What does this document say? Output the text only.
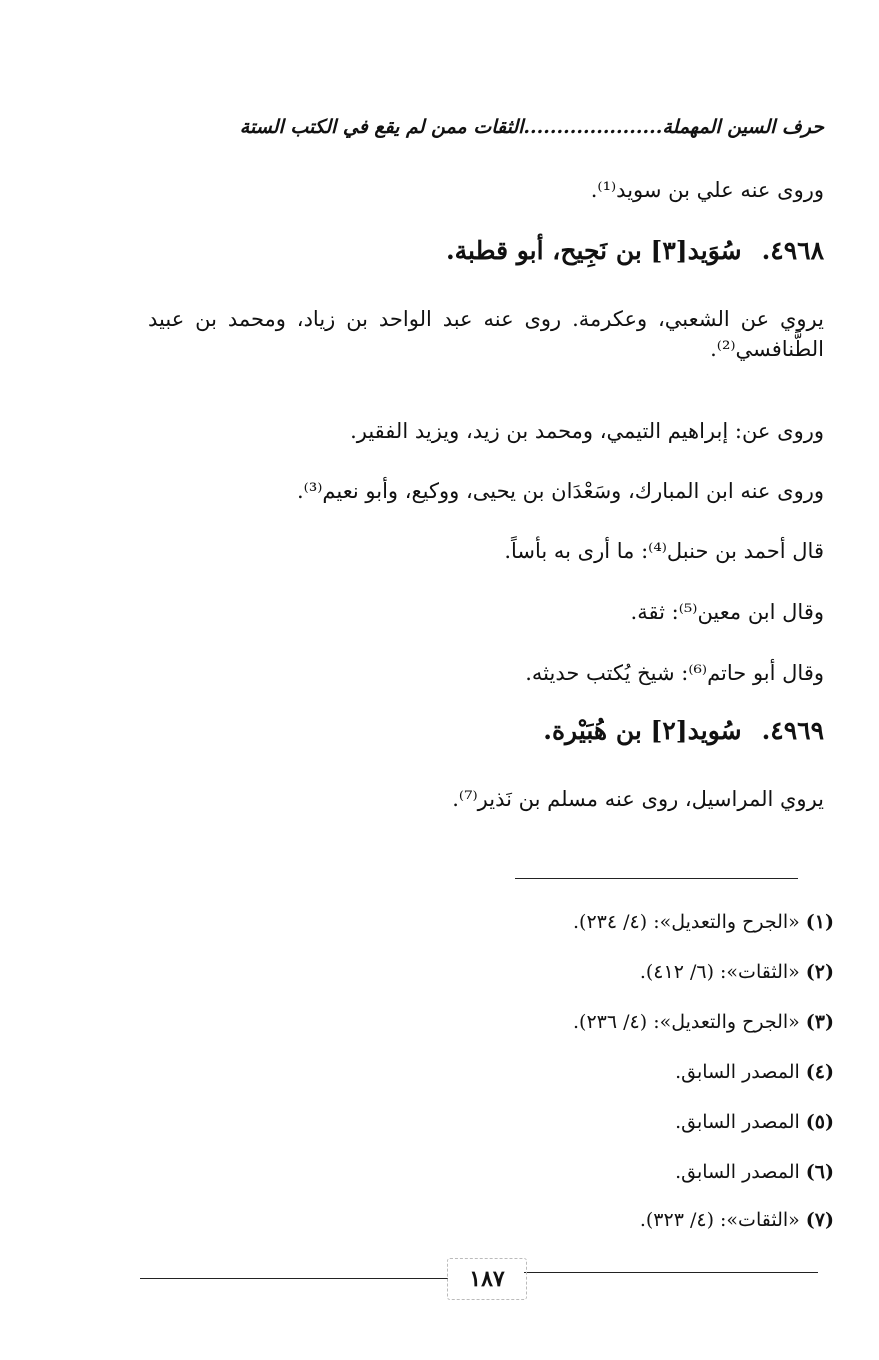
حرف السين المهملة.....................الثقات ممن لم يقع في الكتب الستة
وروى عنه علي بن سويد⁽¹⁾.
٤٩٦٨.سُوَيد[٣] بن نَجِيح، أبو قطبة.
يروي عن الشعبي، وعكرمة. روى عنه عبد الواحد بن زياد، ومحمد بن عبيد الطَّنافسي⁽²⁾.
وروى عن: إبراهيم التيمي، ومحمد بن زيد، ويزيد الفقير.
وروى عنه ابن المبارك، وسَعْدَان بن يحيى، ووكيع، وأبو نعيم⁽³⁾.
قال أحمد بن حنبل⁽⁴⁾: ما أرى به بأساً.
وقال ابن معين⁽⁵⁾: ثقة.
وقال أبو حاتم⁽⁶⁾: شيخ يُكتب حديثه.
٤٩٦٩.سُويد[٢] بن هُبَيْرة.
يروي المراسيل، روى عنه مسلم بن نَذير⁽⁷⁾.
(١)«الجرح والتعديل»: (٤/ ٢٣٤).
(٢)«الثقات»: (٦/ ٤١٢).
(٣)«الجرح والتعديل»: (٤/ ٢٣٦).
(٤)المصدر السابق.
(٥)المصدر السابق.
(٦)المصدر السابق.
(٧)«الثقات»: (٤/ ٣٢٣).
١٨٧
